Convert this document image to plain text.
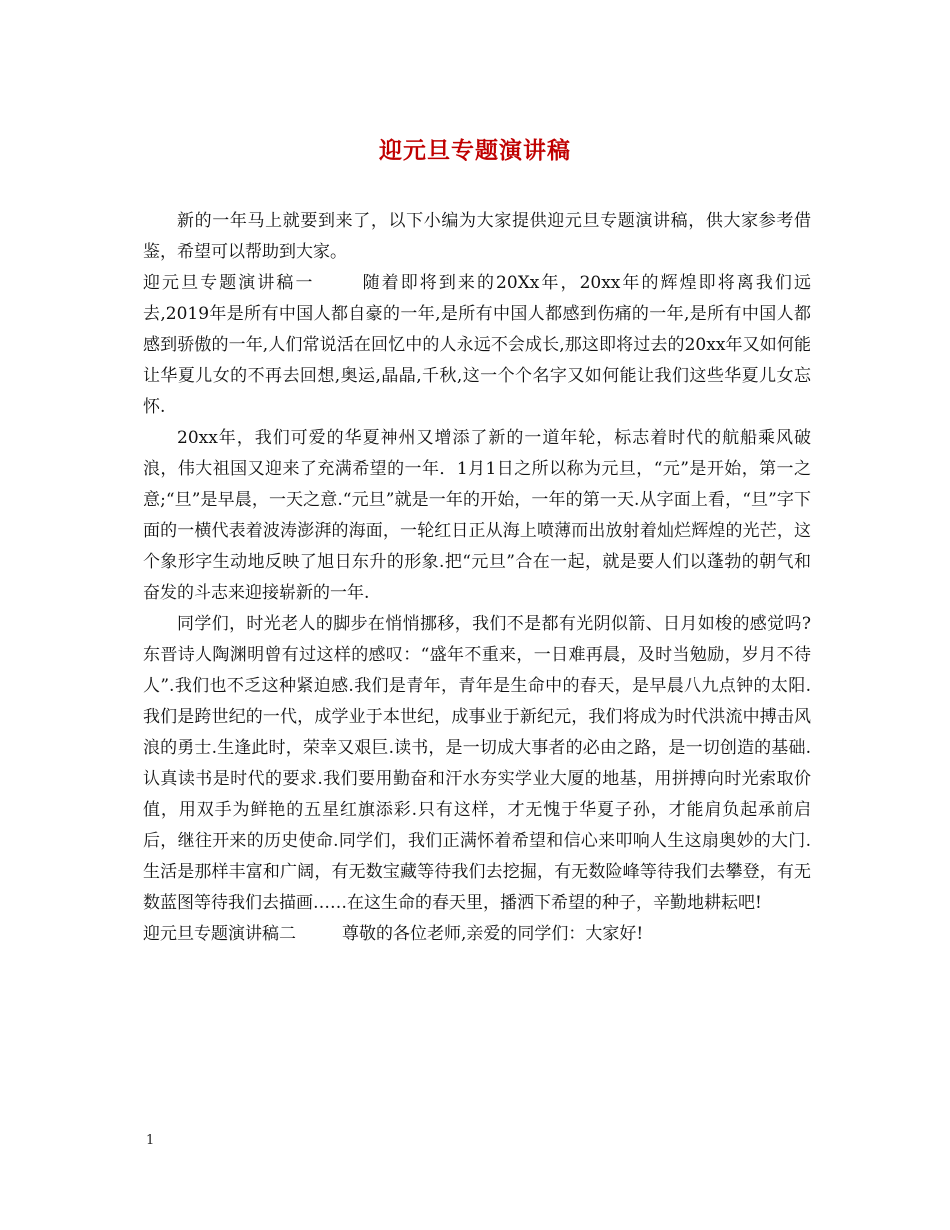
迎元旦专题演讲稿

新的一年马上就要到来了，以下小编为大家提供迎元旦专题演讲稿，供大家参考借鉴，希望可以帮助到大家。

迎元旦专题演讲稿一	随着即将到来的20Xx年，20xx年的辉煌即将离我们远去,2019年是所有中国人都自豪的一年,是所有中国人都感到伤痛的一年,是所有中国人都感到骄傲的一年,人们常说活在回忆中的人永远不会成长,那这即将过去的20xx年又如何能让华夏儿女的不再去回想,奥运,晶晶,千秋,这一个个名字又如何能让我们这些华夏儿女忘怀.

20xx年，我们可爱的华夏神州又增添了新的一道年轮，标志着时代的航船乘风破浪，伟大祖国又迎来了充满希望的一年．1月1日之所以称为元旦，“元”是开始，第一之意;“旦”是早晨，一天之意.“元旦”就是一年的开始，一年的第一天.从字面上看，“旦”字下面的一横代表着波涛澎湃的海面，一轮红日正从海上喷薄而出放射着灿烂辉煌的光芒，这个象形字生动地反映了旭日东升的形象.把“元旦”合在一起，就是要人们以蓬勃的朝气和奋发的斗志来迎接崭新的一年.

同学们，时光老人的脚步在悄悄挪移，我们不是都有光阴似箭、日月如梭的感觉吗?东晋诗人陶渊明曾有过这样的感叹：“盛年不重来，一日难再晨，及时当勉励，岁月不待人”.我们也不乏这种紧迫感.我们是青年，青年是生命中的春天，是早晨八九点钟的太阳.我们是跨世纪的一代，成学业于本世纪，成事业于新纪元，我们将成为时代洪流中搏击风浪的勇士.生逢此时，荣幸又艰巨.读书，是一切成大事者的必由之路，是一切创造的基础.认真读书是时代的要求.我们要用勤奋和汗水夯实学业大厦的地基，用拼搏向时光索取价值，用双手为鲜艳的五星红旗添彩.只有这样，才无愧于华夏子孙，才能肩负起承前启后，继往开来的历史使命.同学们，我们正满怀着希望和信心来叩响人生这扇奥妙的大门.生活是那样丰富和广阔，有无数宝藏等待我们去挖掘，有无数险峰等待我们去攀登，有无数蓝图等待我们去描画……在这生命的春天里，播洒下希望的种子，辛勤地耕耘吧!

迎元旦专题演讲稿二	尊敬的各位老师,亲爱的同学们：大家好!

1
